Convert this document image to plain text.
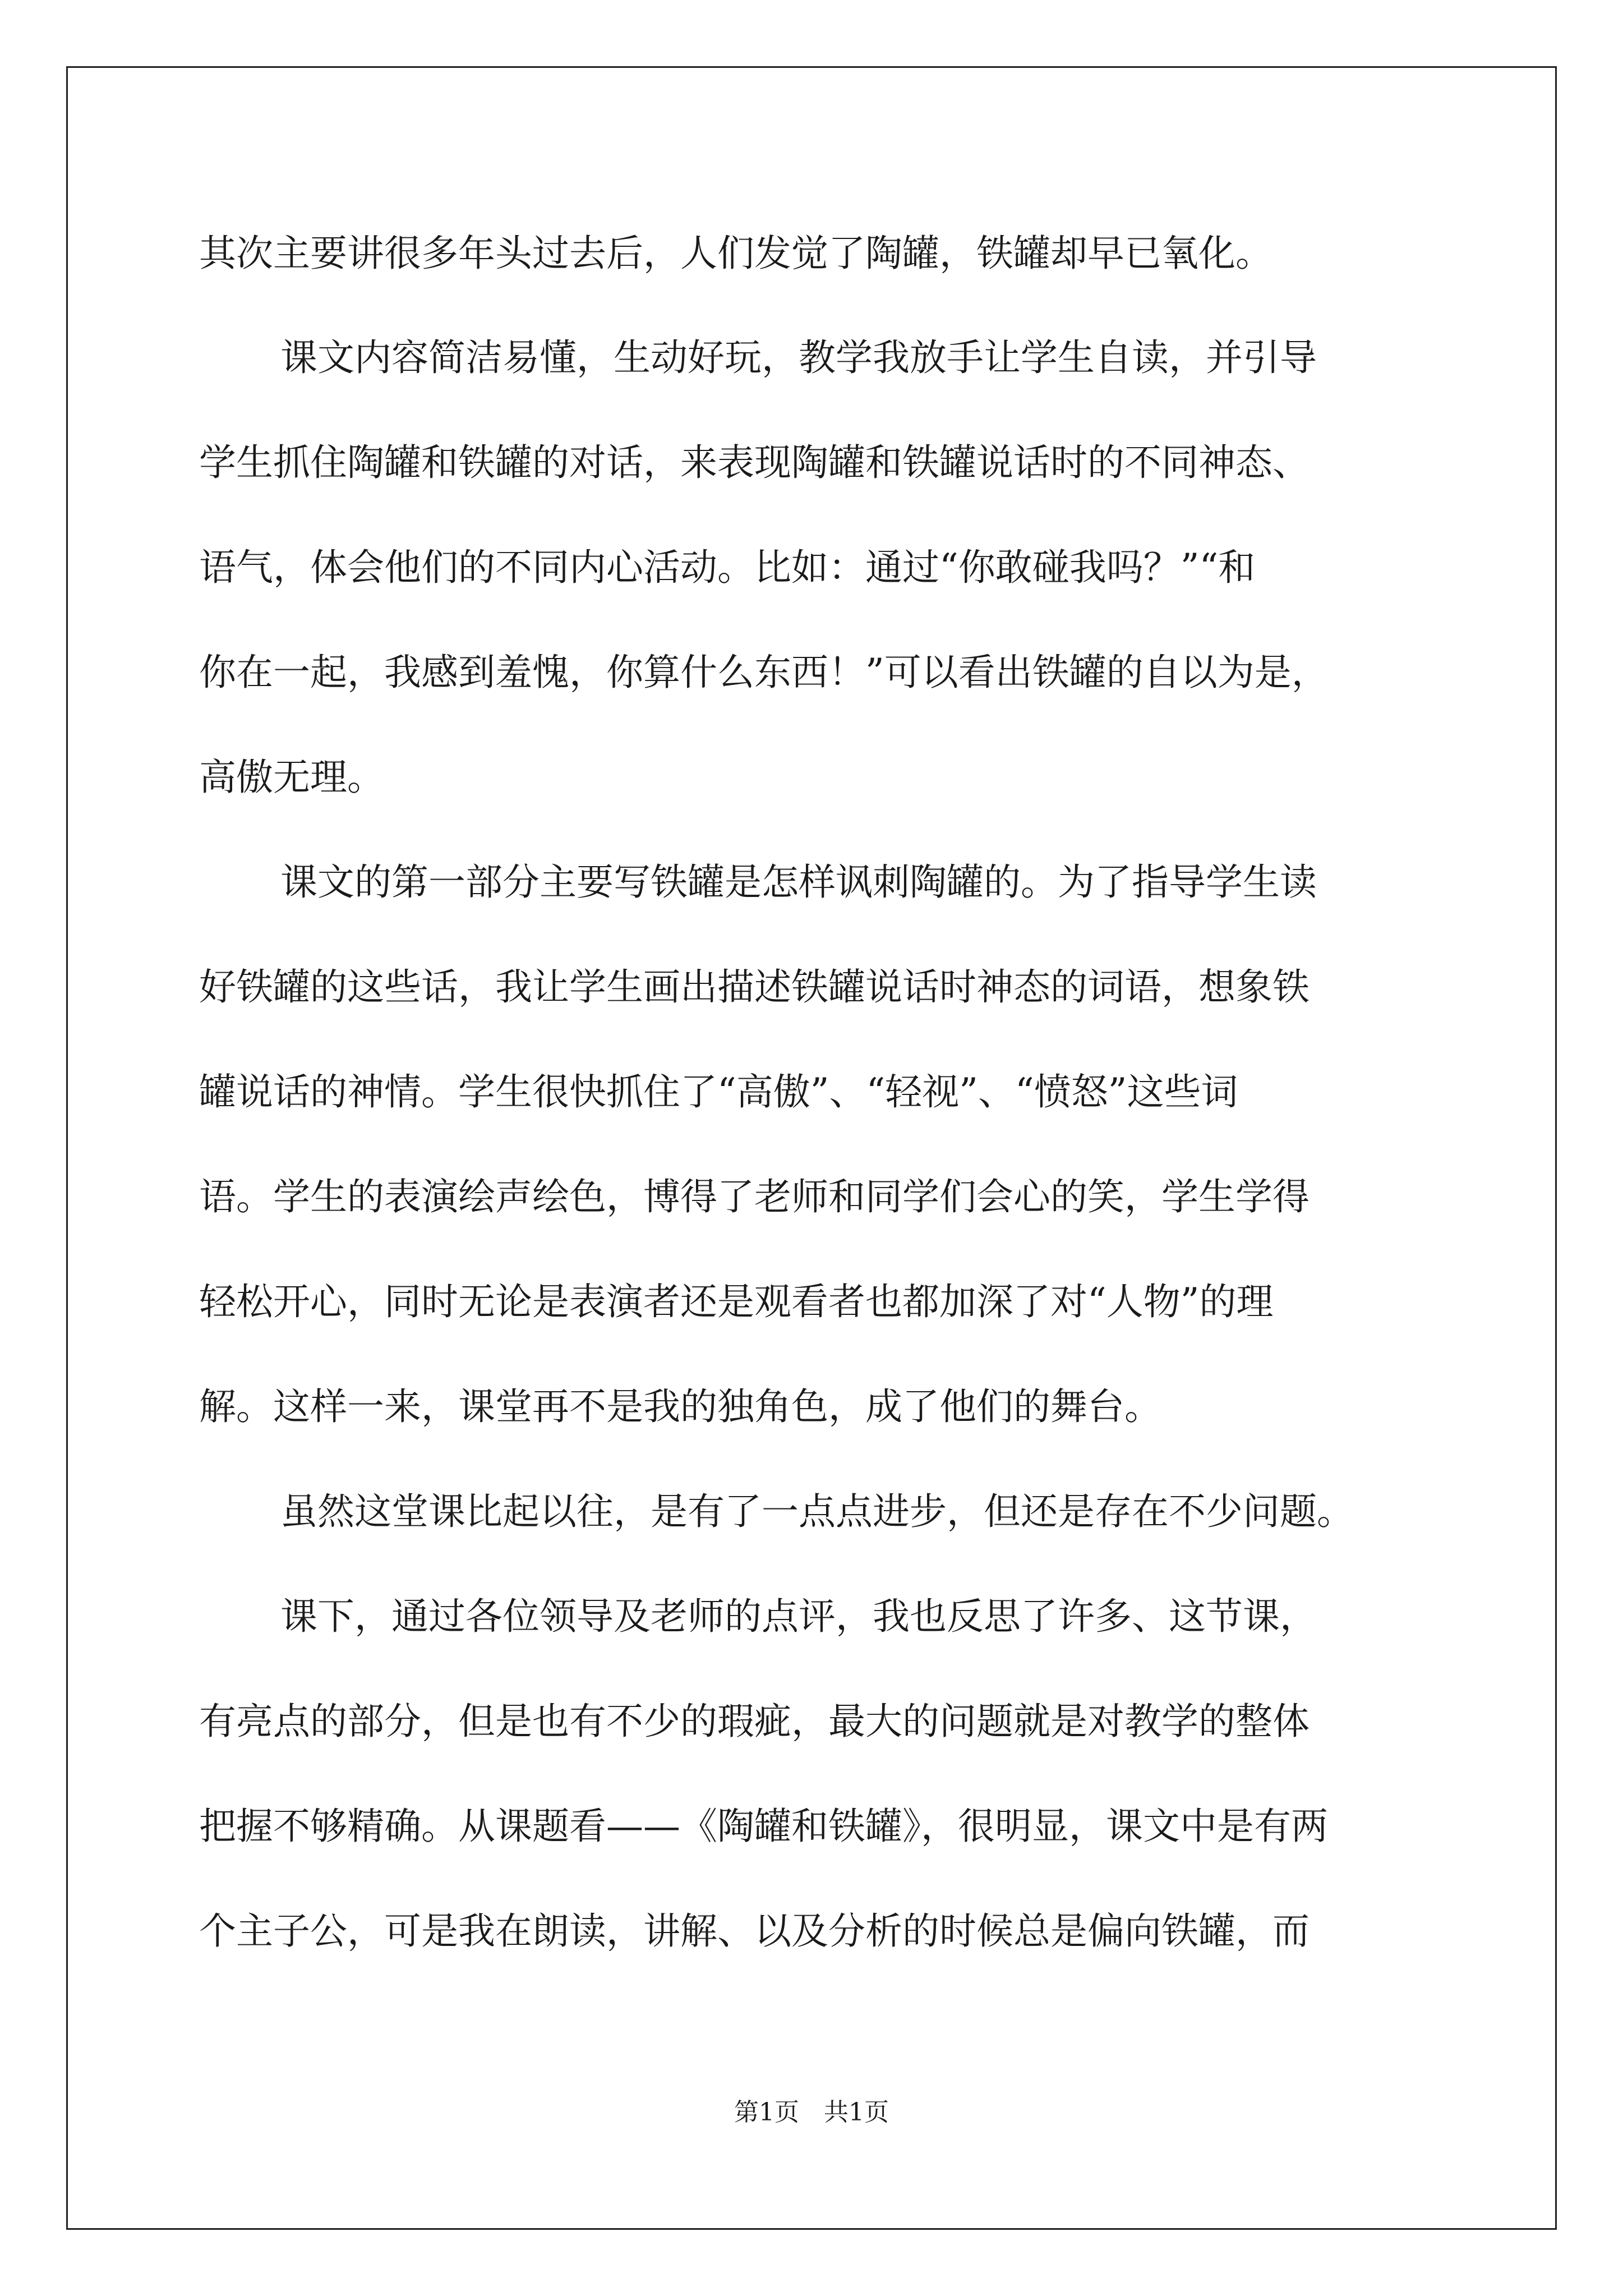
其次主要讲很多年头过去后，人们发觉了陶罐，铁罐却早已氧化。
课文内容简洁易懂，生动好玩，教学我放手让学生自读，并引导
学生抓住陶罐和铁罐的对话，来表现陶罐和铁罐说话时的不同神态、
语气，体会他们的不同内心活动。比如：通过“你敢碰我吗？”“和
你在一起，我感到羞愧，你算什么东西！”可以看出铁罐的自以为是，
高傲无理。
课文的第一部分主要写铁罐是怎样讽刺陶罐的。为了指导学生读
好铁罐的这些话，我让学生画出描述铁罐说话时神态的词语，想象铁
罐说话的神情。学生很快抓住了“高傲”、“轻视”、“愤怒”这些词
语。学生的表演绘声绘色，博得了老师和同学们会心的笑，学生学得
轻松开心，同时无论是表演者还是观看者也都加深了对“人物”的理
解。这样一来，课堂再不是我的独角色，成了他们的舞台。
虽然这堂课比起以往，是有了一点点进步，但还是存在不少问题。
课下，通过各位领导及老师的点评，我也反思了许多、这节课，
有亮点的部分，但是也有不少的瑕疵，最大的问题就是对教学的整体
把握不够精确。从课题看——《陶罐和铁罐》，很明显，课文中是有两
个主子公，可是我在朗读，讲解、以及分析的时候总是偏向铁罐，而
第1页　共1页
